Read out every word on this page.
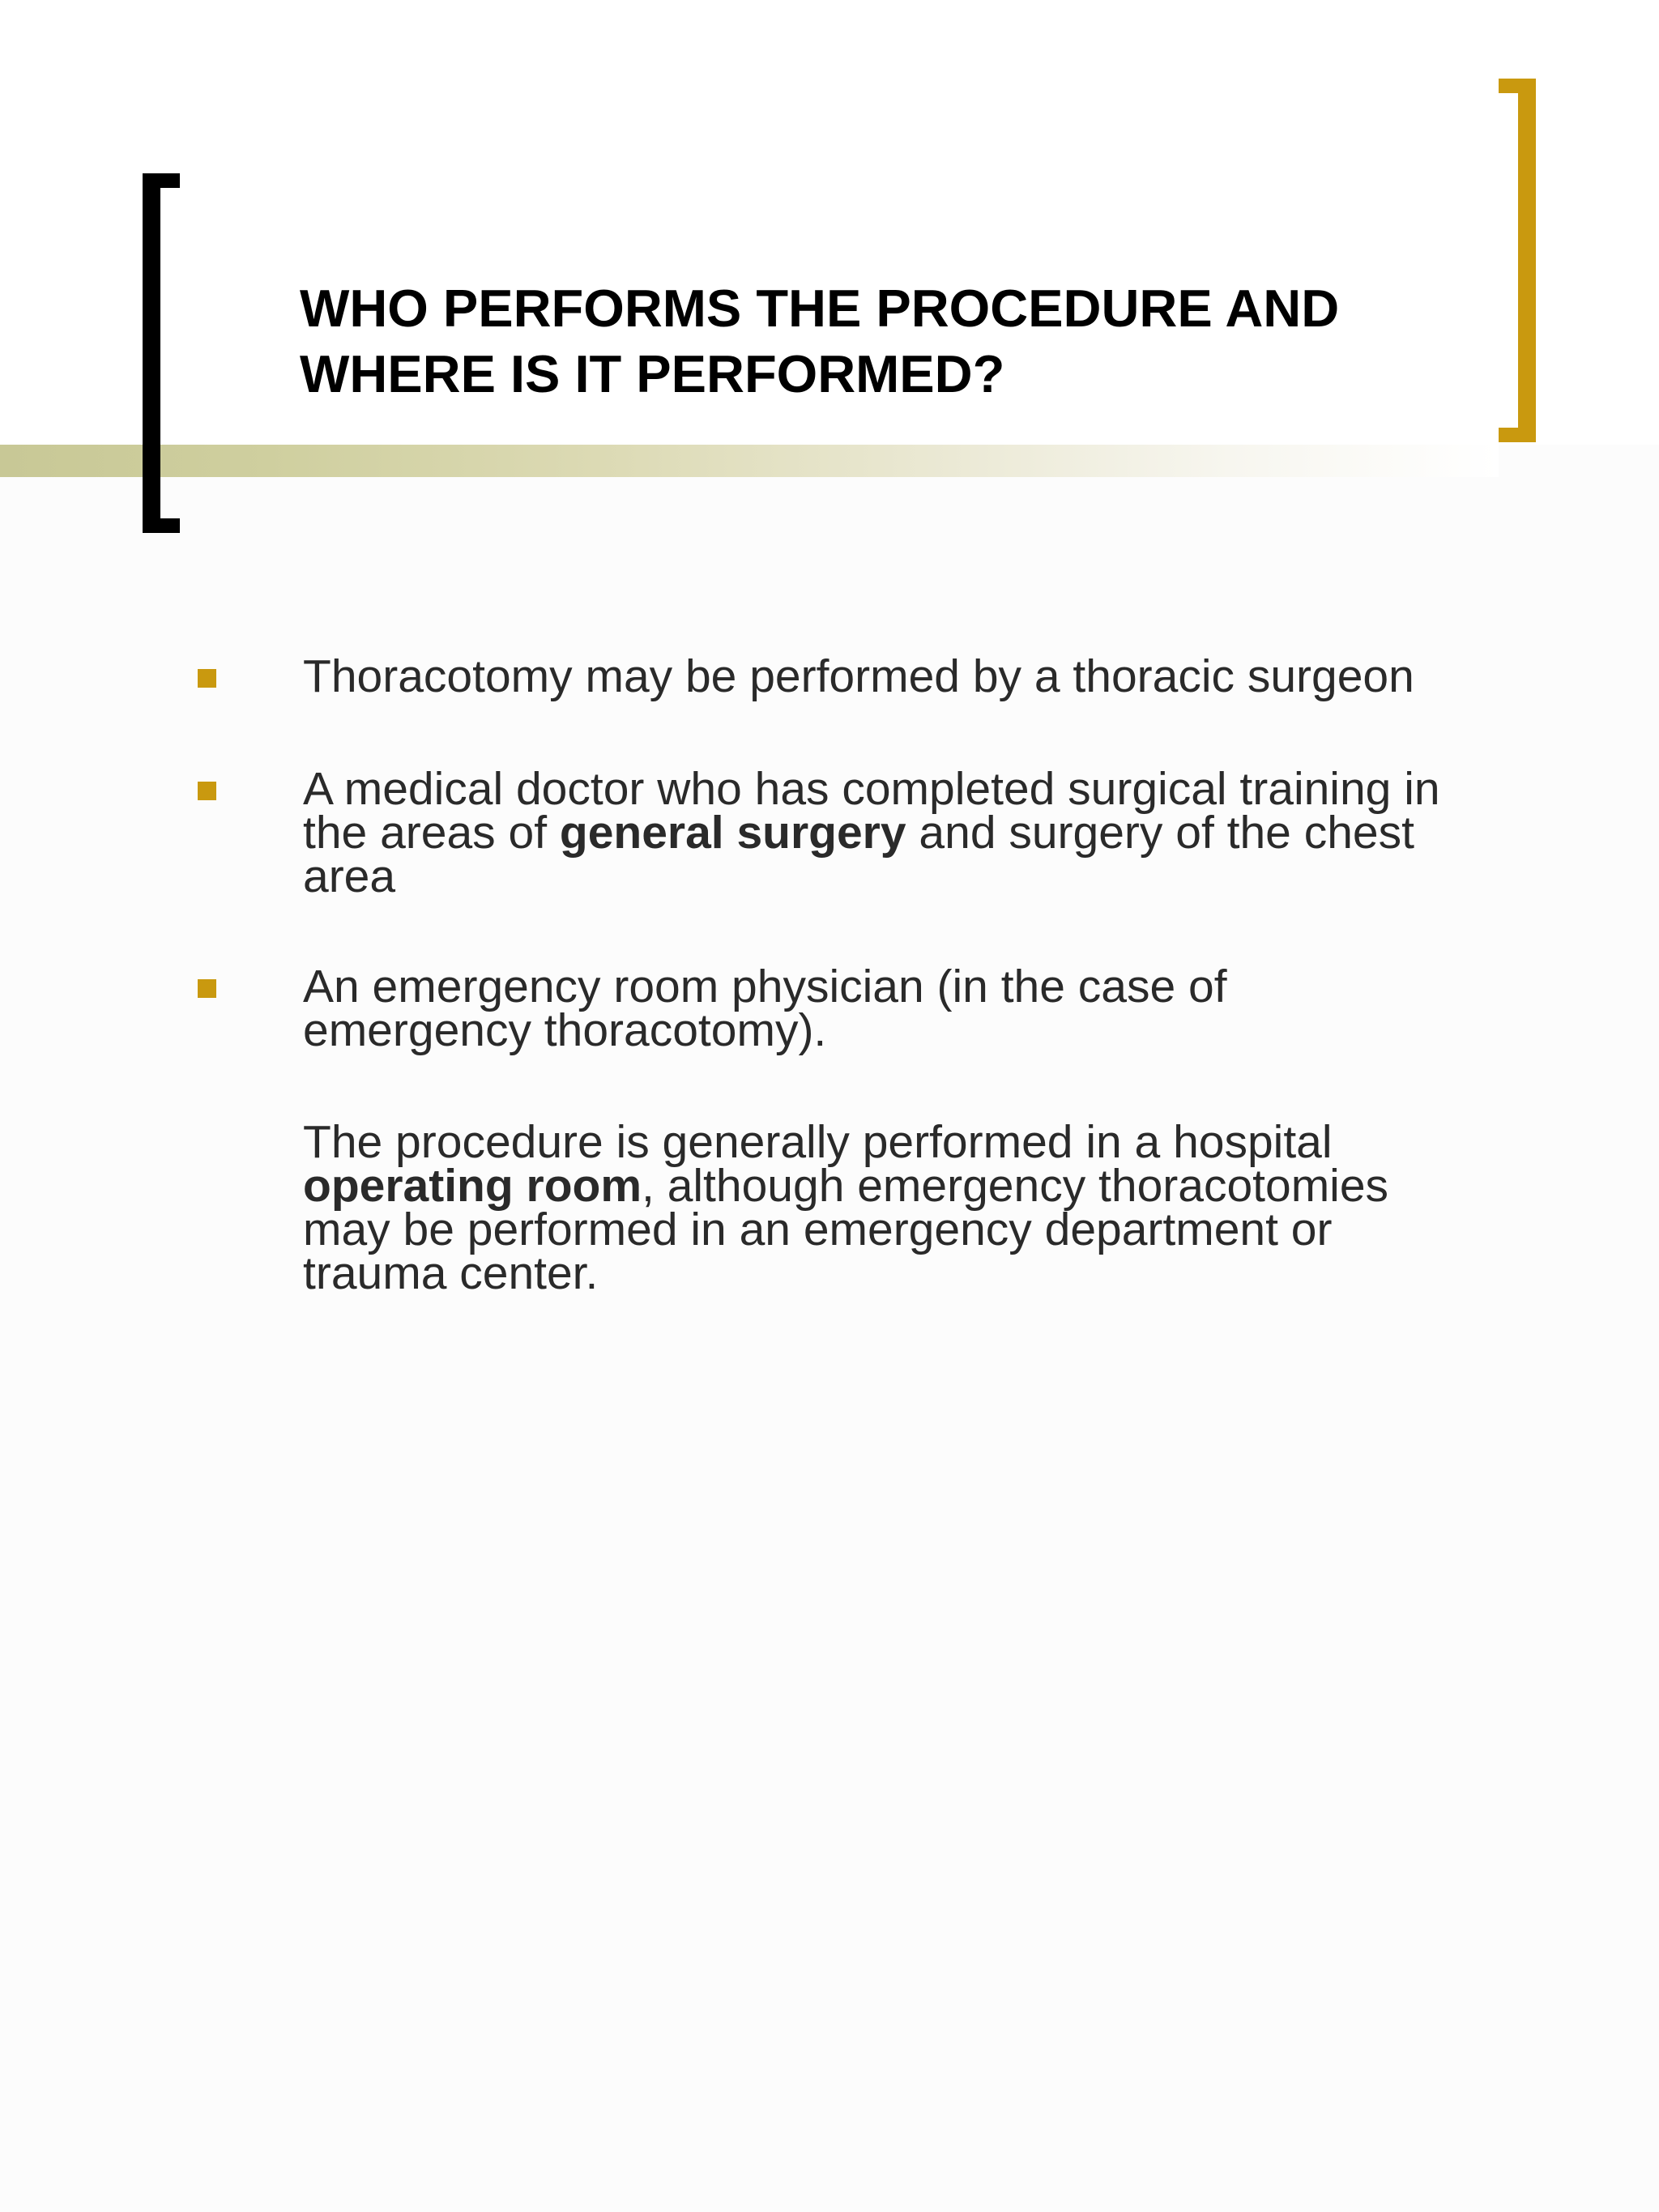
WHO PERFORMS THE PROCEDURE AND
WHERE IS IT PERFORMED?

Thoracotomy may be performed by a thoracic surgeon

A medical doctor who has completed surgical training in
the areas of general surgery and surgery of the chest
area

An emergency room physician (in the case of
emergency thoracotomy).

The procedure is generally performed in a hospital
operating room, although emergency thoracotomies
may be performed in an emergency department or
trauma center.
